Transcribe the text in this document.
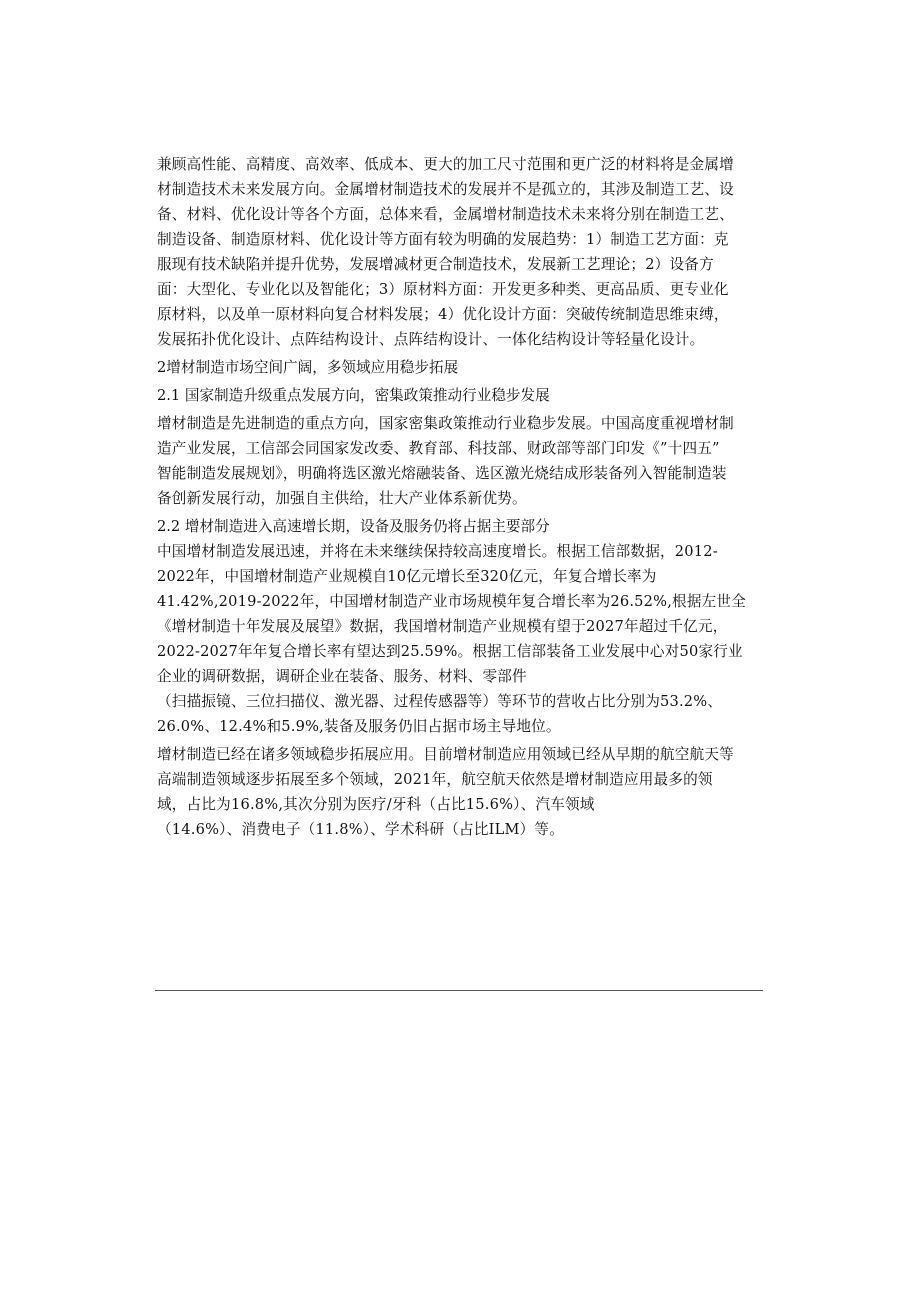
兼顾高性能、高精度、高效率、低成本、更大的加工尺寸范围和更广泛的材料将是金属增
材制造技术未来发展方向。金属增材制造技术的发展并不是孤立的，其涉及制造工艺、设
备、材料、优化设计等各个方面，总体来看，金属增材制造技术未来将分别在制造工艺、
制造设备、制造原材料、优化设计等方面有较为明确的发展趋势：1）制造工艺方面：克
服现有技术缺陷并提升优势，发展增减材更合制造技术，发展新工艺理论；2）设备方
面：大型化、专业化以及智能化；3）原材料方面：开发更多种类、更高品质、更专业化
原材料，以及单一原材料向复合材料发展；4）优化设计方面：突破传统制造思维束缚，
发展拓扑优化设计、点阵结构设计、点阵结构设计、一体化结构设计等轻量化设计。
2增材制造市场空间广阔，多领域应用稳步拓展
2.1 国家制造升级重点发展方向，密集政策推动行业稳步发展
增材制造是先进制造的重点方向，国家密集政策推动行业稳步发展。中国高度重视增材制
造产业发展，工信部会同国家发改委、教育部、科技部、财政部等部门印发《”十四五”
智能制造发展规划》，明确将选区激光熔融装备、选区激光烧结成形装备列入智能制造装
备创新发展行动，加强自主供给，壮大产业体系新优势。
2.2 增材制造进入高速增长期，设备及服务仍将占据主要部分
中国增材制造发展迅速，并将在未来继续保持较高速度增长。根据工信部数据，2012-
2022年，中国增材制造产业规模自10亿元增长至320亿元，年复合增长率为
41.42%,2019-2022年，中国增材制造产业市场规模年复合增长率为26.52%,根据左世全
《增材制造十年发展及展望》数据，我国增材制造产业规模有望于2027年超过千亿元，
2022-2027年年复合增长率有望达到25.59%。根据工信部装备工业发展中心对50家行业
企业的调研数据，调研企业在装备、服务、材料、零部件
（扫描振镜、三位扫描仪、激光器、过程传感器等）等环节的营收占比分别为53.2%、
26.0%、12.4%和5.9%,装备及服务仍旧占据市场主导地位。
增材制造已经在诸多领域稳步拓展应用。目前增材制造应用领域已经从早期的航空航天等
高端制造领域逐步拓展至多个领域，2021年，航空航天依然是增材制造应用最多的领
域，占比为16.8%,其次分别为医疗/牙科（占比15.6%）、汽车领域
（14.6%）、消费电子（11.8%）、学术科研（占比ILM）等。
